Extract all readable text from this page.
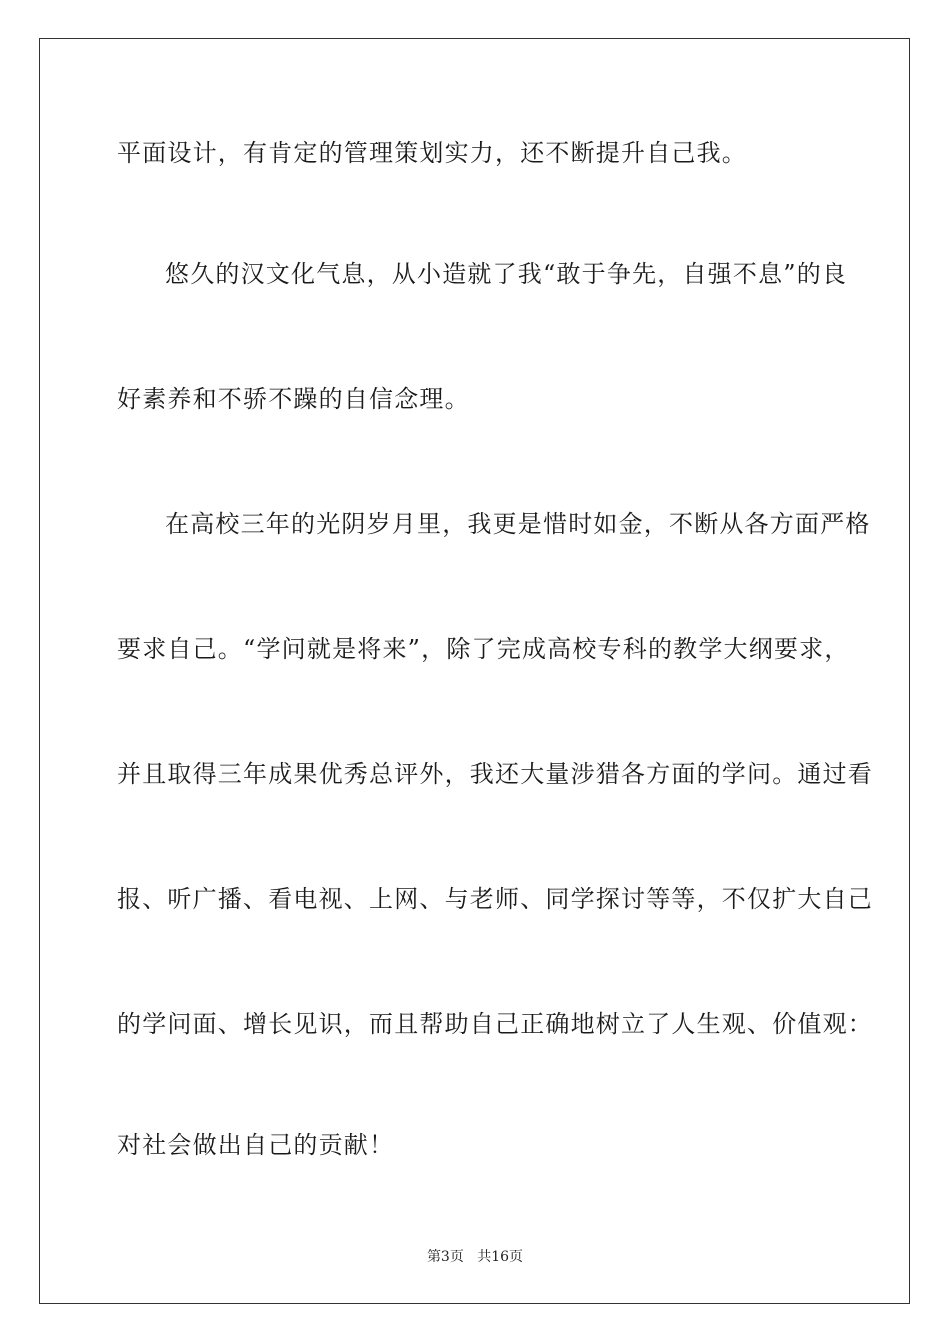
平面设计，有肯定的管理策划实力，还不断提升自己我。
悠久的汉文化气息，从小造就了我“敢于争先，自强不息”的良
好素养和不骄不躁的自信念理。
在高校三年的光阴岁月里，我更是惜时如金，不断从各方面严格
要求自己。“学问就是将来”，除了完成高校专科的教学大纲要求，
并且取得三年成果优秀总评外，我还大量涉猎各方面的学问。通过看
报、听广播、看电视、上网、与老师、同学探讨等等，不仅扩大自己
的学问面、增长见识，而且帮助自己正确地树立了人生观、价值观：
对社会做出自己的贡献！
第3页 共16页
